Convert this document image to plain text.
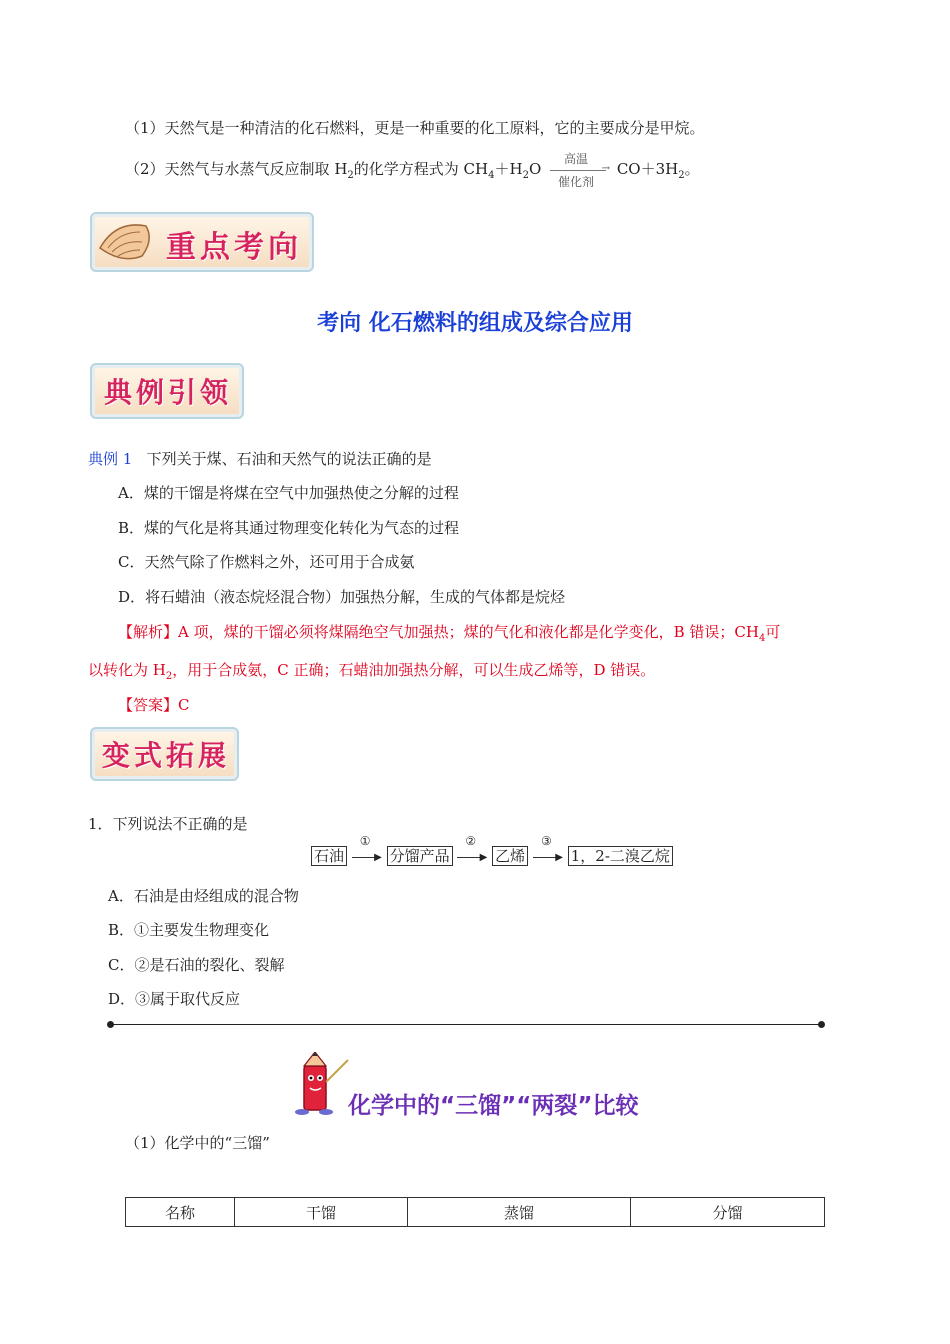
（1）天然气是一种清洁的化石燃料，更是一种重要的化工原料，它的主要成分是甲烷。
（2）天然气与水蒸气反应制取 $H_2$的化学方程式为 $CH_4+H_2O$
高温
→
催化剂
$CO+3H_2$。
重点考向
考向 化石燃料的组成及综合应用
典例引领
典例 1 下列关于煤、石油和天然气的说法正确的是
A．煤的干馏是将煤在空气中加强热使之分解的过程
B．煤的气化是将其通过物理变化转化为气态的过程
C．天然气除了作燃料之外，还可用于合成氨
D．将石蜡油（液态烷烃混合物）加强热分解，生成的气体都是烷烃
【解析】A 项，煤的干馏必须将煤隔绝空气加强热；煤的气化和液化都是化学变化，B 错误；$CH_4$可
以转化为 $H_2$，用于合成氨，C 正确；石蜡油加强热分解，可以生成乙烯等，D 错误。
【答案】C
变式拓展
1．下列说法不正确的是
石油
①
▶ 分馏产品
②
▶ 乙烯
③
▶ 1，2-二溴乙烷
A．石油是由烃组成的混合物
B．①主要发生物理变化
C．②是石油的裂化、裂解
D．③属于取代反应
化学中的“三馏”“两裂”比较
（1）化学中的“三馏”
名称	干馏	蒸馏	分馏
